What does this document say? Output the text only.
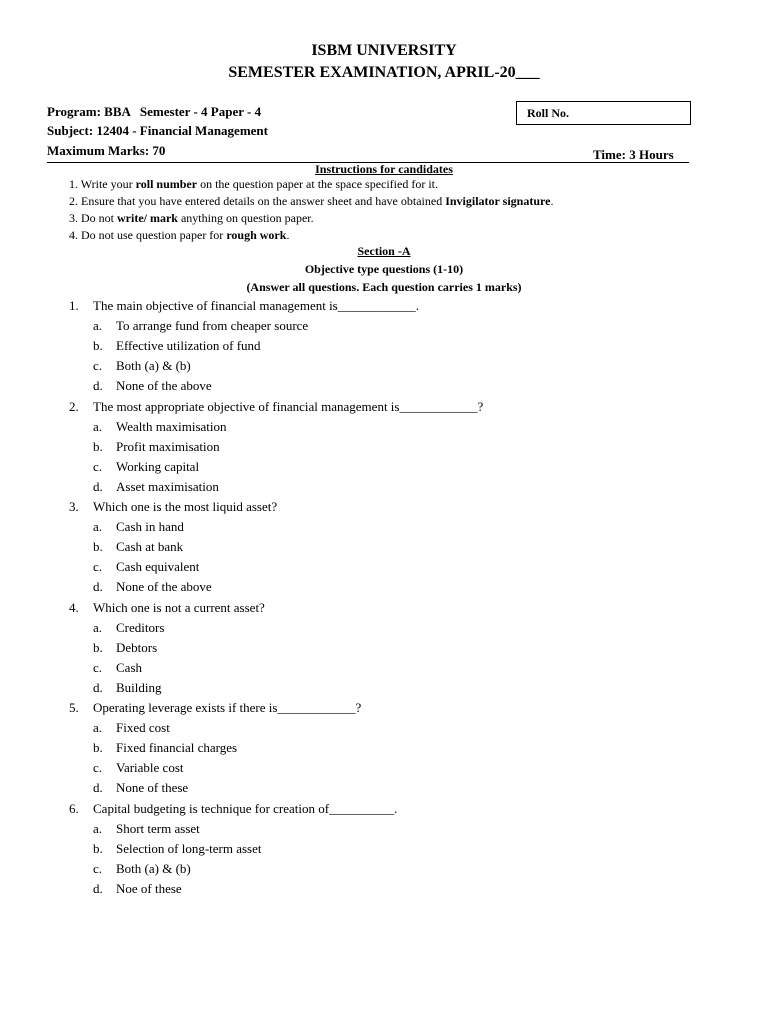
ISBM UNIVERSITY
SEMESTER EXAMINATION, APRIL-20___
Program: BBA   Semester - 4 Paper - 4
Subject: 12404 - Financial Management
Maximum Marks: 70
Roll No.
Time: 3 Hours
Instructions for candidates
1. Write your roll number on the question paper at the space specified for it.
2. Ensure that you have entered details on the answer sheet and have obtained Invigilator signature.
3. Do not write/ mark anything on question paper.
4. Do not use question paper for rough work.
Section -A
Objective type questions (1-10)
(Answer all questions. Each question carries 1 marks)
1. The main objective of financial management is____________.
a. To arrange fund from cheaper source
b. Effective utilization of fund
c. Both (a) & (b)
d. None of the above
2. The most appropriate objective of financial management is____________?
a. Wealth maximisation
b. Profit maximisation
c. Working capital
d. Asset maximisation
3. Which one is the most liquid asset?
a. Cash in hand
b. Cash at bank
c. Cash equivalent
d. None of the above
4. Which one is not a current asset?
a. Creditors
b. Debtors
c. Cash
d. Building
5. Operating leverage exists if there is____________?
a. Fixed cost
b. Fixed financial charges
c. Variable cost
d. None of these
6. Capital budgeting is technique for creation of__________.
a. Short term asset
b. Selection of long-term asset
c. Both (a) & (b)
d. Noe of these
